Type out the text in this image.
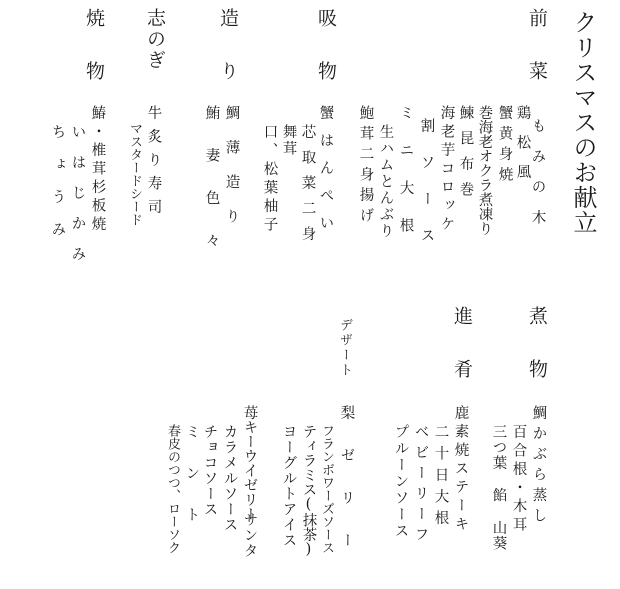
クリスマスのお献立
前菜
吸物
造り
志のぎ
焼物
煮物
進肴
デザート
もみの木
鶏松風
蟹黄身焼
巻海老オクラ煮凍り
鰊昆布巻
海老芋コロッケ
割ソース
ミニ大根
生ハムとんぶり
鮑茸二身揚げ
蟹はんぺい
芯取菜二身
舞茸
口、松葉柚子
鯛薄造り
鮪妻色々
牛炙り寿司
マスタードシード
鰆・椎茸杉板焼
いはじかみ
ちょうみ
鯛かぶら蒸し
百合根・木耳
三つ葉 餡 山葵
鹿素焼ステーキ
二十日大根
ベビーリーフ
プルーンソース
梨ゼリー
フランボワーズソース
ティラミス(抹茶)
ヨーグルトアイス
苺キーウイゼリー
サンタ
カラメルソース
チョコソース
ミント
春皮のつつ、ローソク
